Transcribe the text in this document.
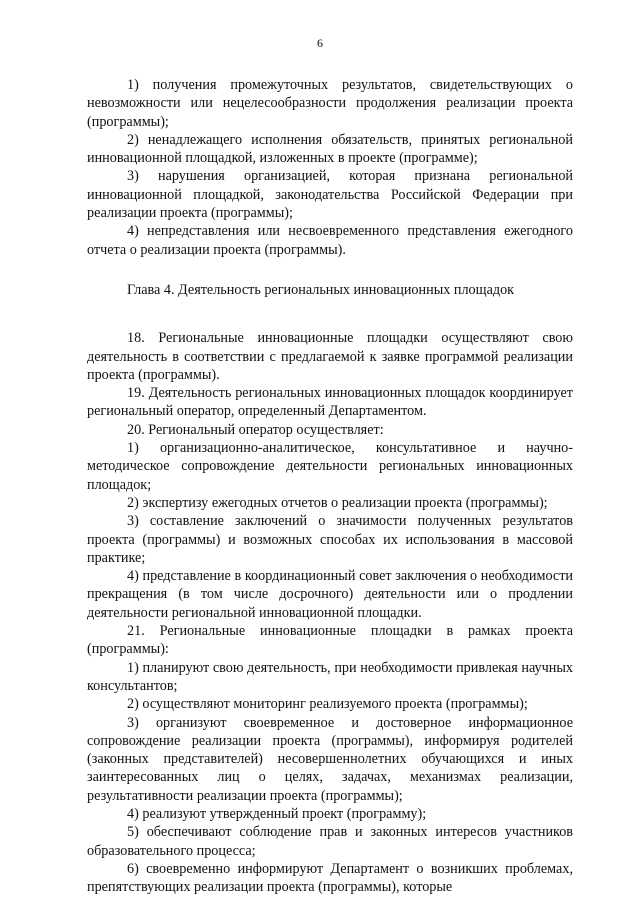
6

1) получения промежуточных результатов, свидетельствующих о невозможности или нецелесообразности продолжения реализации проекта (программы);

2) ненадлежащего исполнения обязательств, принятых региональной инновационной площадкой, изложенных в проекте (программе);

3) нарушения организацией, которая признана региональной инновационной площадкой, законодательства Российской Федерации при реализации проекта (программы);

4) непредставления или несвоевременного представления ежегодного отчета о реализации проекта (программы).

Глава 4. Деятельность региональных инновационных площадок

18. Региональные инновационные площадки осуществляют свою деятельность в соответствии с предлагаемой к заявке программой реализации проекта (программы).

19. Деятельность региональных инновационных площадок координирует региональный оператор, определенный Департаментом.

20. Региональный оператор осуществляет:

1) организационно-аналитическое, консультативное и научно-методическое сопровождение деятельности региональных инновационных площадок;

2) экспертизу ежегодных отчетов о реализации проекта (программы);

3) составление заключений о значимости полученных результатов проекта (программы) и возможных способах их использования в массовой практике;

4) представление в координационный совет заключения о необходимости прекращения (в том числе досрочного) деятельности или о продлении деятельности региональной инновационной площадки.

21. Региональные инновационные площадки в рамках проекта (программы):

1) планируют свою деятельность, при необходимости привлекая научных консультантов;

2) осуществляют мониторинг реализуемого проекта (программы);

3) организуют своевременное и достоверное информационное сопровождение реализации проекта (программы), информируя родителей (законных представителей) несовершеннолетних обучающихся и иных заинтересованных лиц о целях, задачах, механизмах реализации, результативности реализации проекта (программы);

4) реализуют утвержденный проект (программу);

5) обеспечивают соблюдение прав и законных интересов участников образовательного процесса;

6) своевременно информируют Департамент о возникших проблемах, препятствующих реализации проекта (программы), которые
